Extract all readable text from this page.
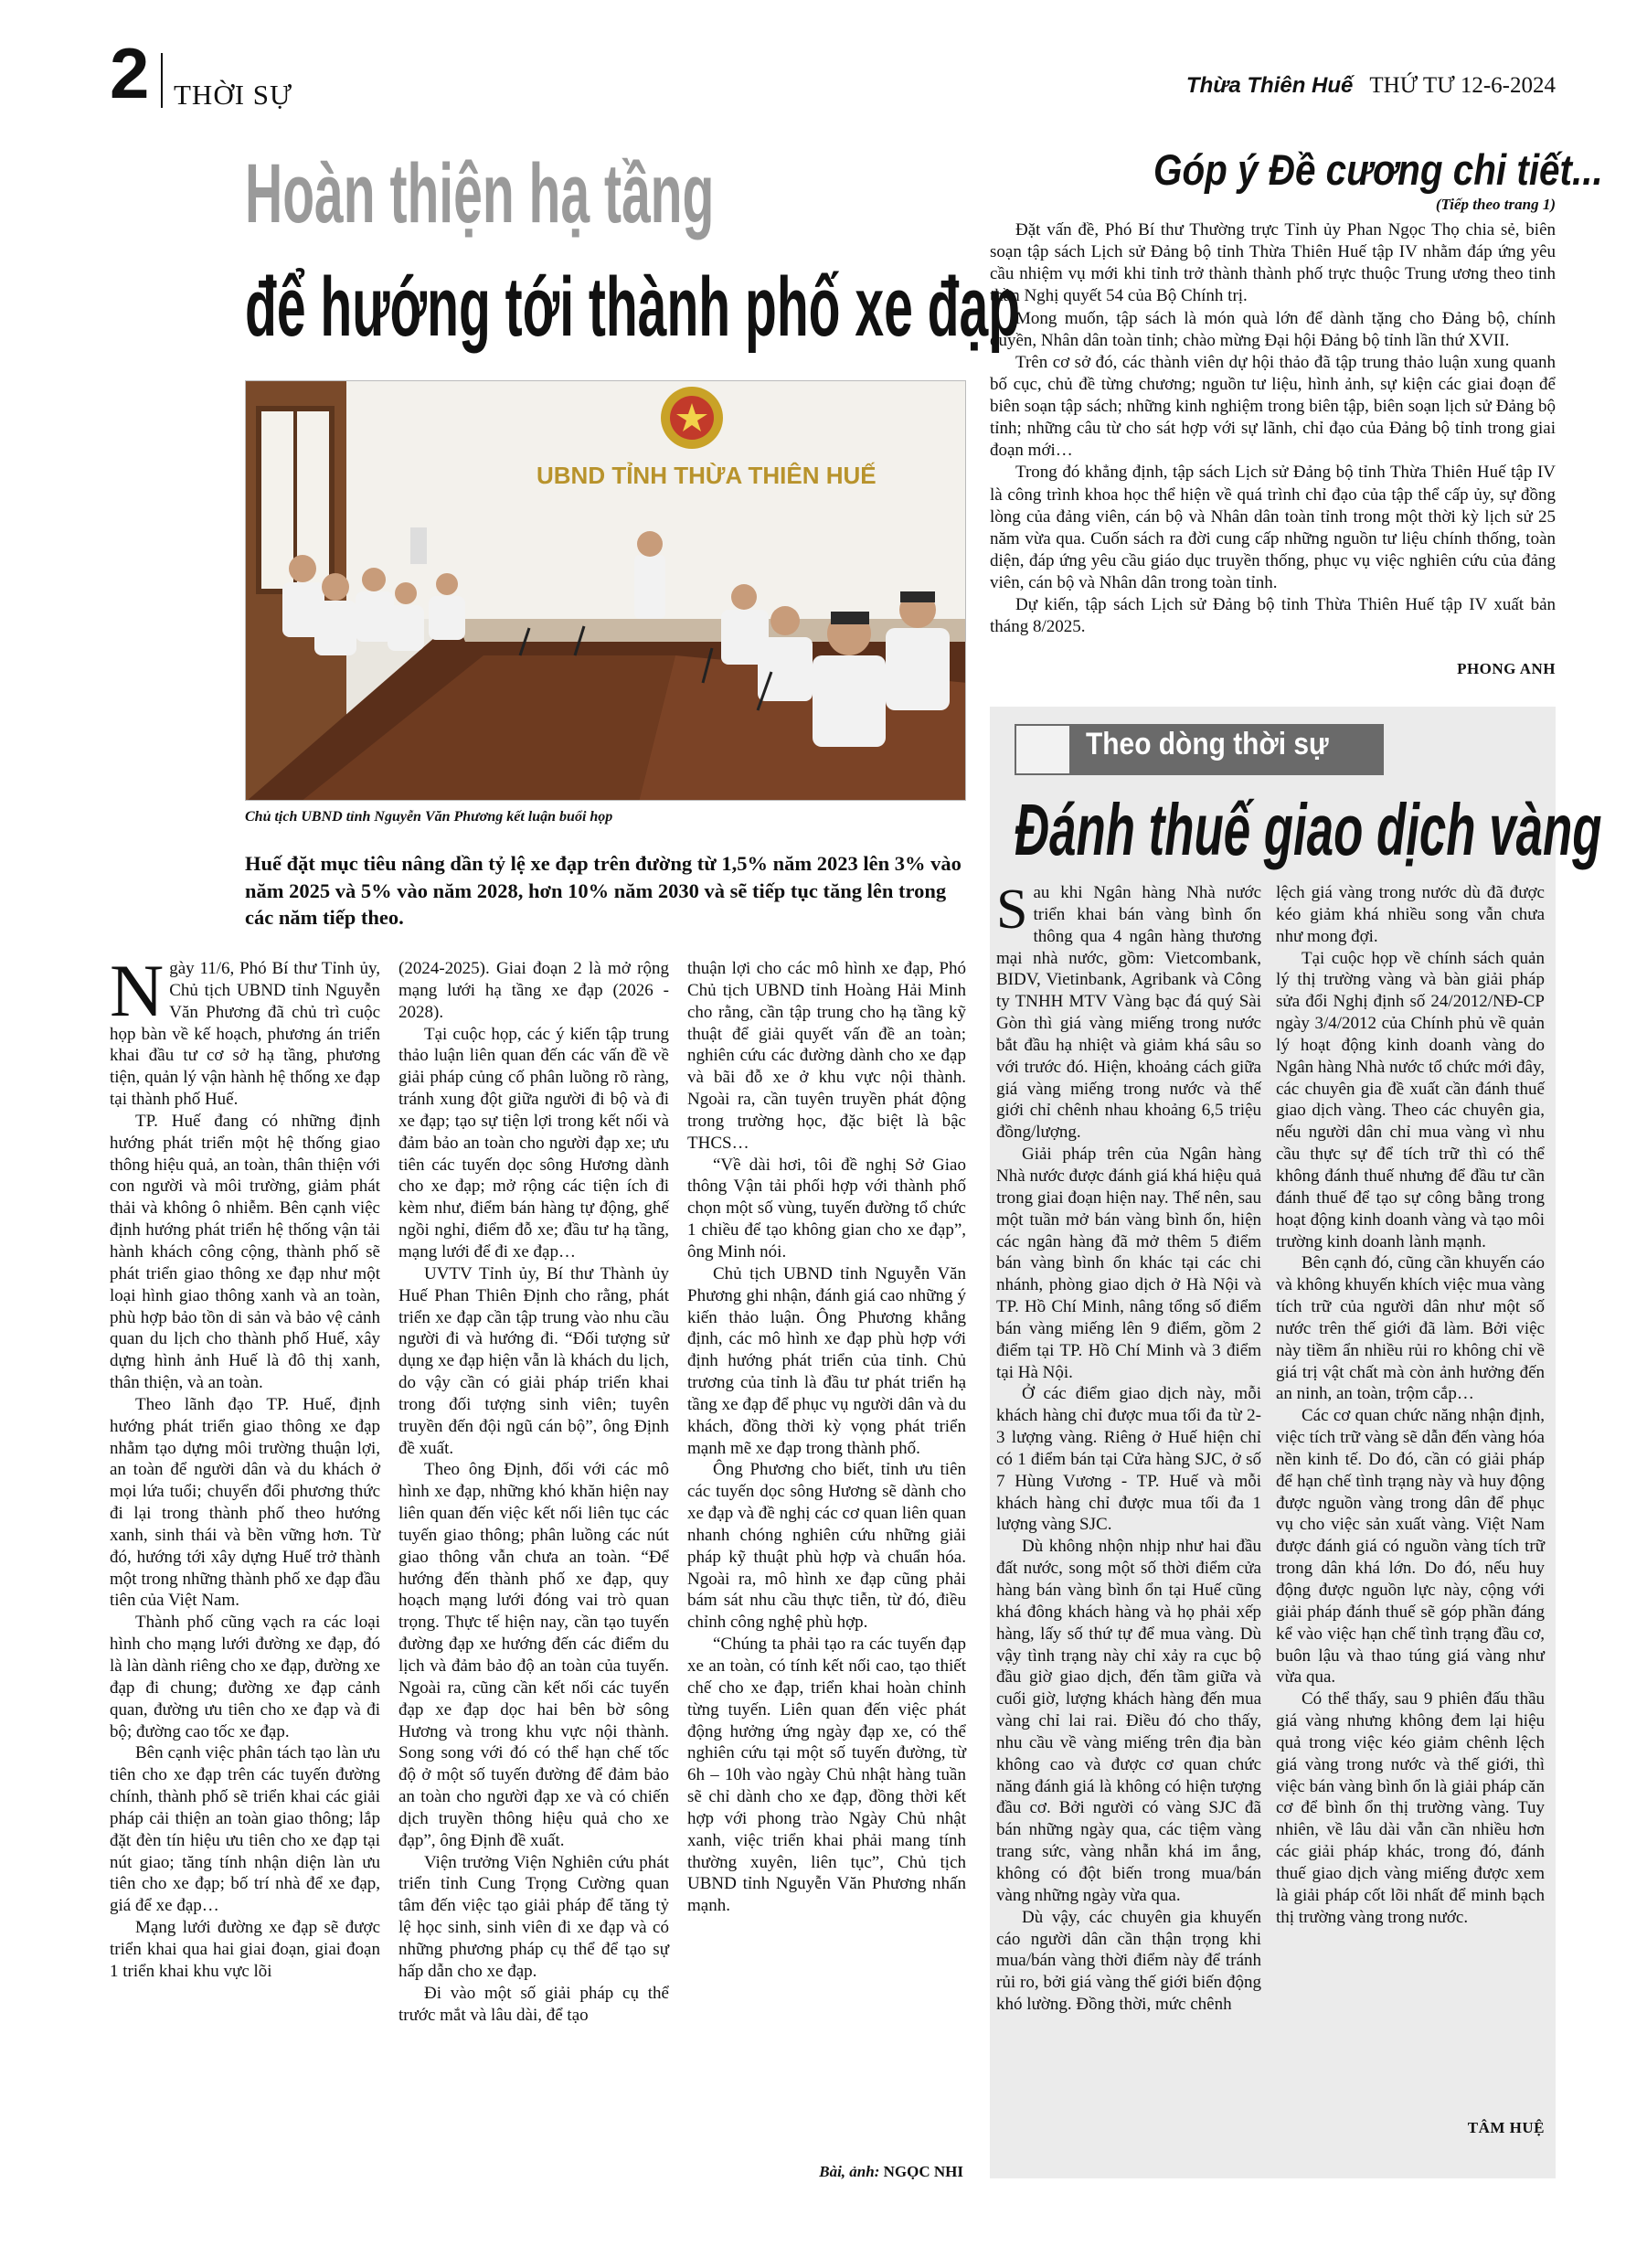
2 THỜI SỰ	Thừa Thiên Huế THỨ TƯ 12-6-2024
Hoàn thiện hạ tầng
để hướng tới thành phố xe đạp
UBND TỈNH THỪA THIÊN HUẾ
Chủ tịch UBND tỉnh Nguyễn Văn Phương kết luận buổi họp
Huế đặt mục tiêu nâng dần tỷ lệ xe đạp trên đường từ 1,5% năm 2023 lên 3% vào năm 2025 và 5% vào năm 2028, hơn 10% năm 2030 và sẽ tiếp tục tăng lên trong các năm tiếp theo.

Ngày 11/6, Phó Bí thư Tỉnh ủy, Chủ tịch UBND tỉnh Nguyễn Văn Phương đã chủ trì cuộc họp bàn về kế hoạch, phương án triển khai đầu tư cơ sở hạ tầng, phương tiện, quản lý vận hành hệ thống xe đạp tại thành phố Huế.

TP. Huế đang có những định hướng phát triển một hệ thống giao thông hiệu quả, an toàn, thân thiện với con người và môi trường, giảm phát thải và không ô nhiễm. Bên cạnh việc định hướng phát triển hệ thống vận tải hành khách công cộng, thành phố sẽ phát triển giao thông xe đạp như một loại hình giao thông xanh và an toàn, phù hợp bảo tồn di sản và bảo vệ cảnh quan du lịch cho thành phố Huế, xây dựng hình ảnh Huế là đô thị xanh, thân thiện, và an toàn.

Theo lãnh đạo TP. Huế, định hướng phát triển giao thông xe đạp nhằm tạo dựng môi trường thuận lợi, an toàn để người dân và du khách ở mọi lứa tuổi; chuyển đổi phương thức đi lại trong thành phố theo hướng xanh, sinh thái và bền vững hơn. Từ đó, hướng tới xây dựng Huế trở thành một trong những thành phố xe đạp đầu tiên của Việt Nam.

Thành phố cũng vạch ra các loại hình cho mạng lưới đường xe đạp, đó là làn dành riêng cho xe đạp, đường xe đạp đi chung; đường xe đạp cảnh quan, đường ưu tiên cho xe đạp và đi bộ; đường cao tốc xe đạp.

Bên cạnh việc phân tách tạo làn ưu tiên cho xe đạp trên các tuyến đường chính, thành phố sẽ triển khai các giải pháp cải thiện an toàn giao thông; lắp đặt đèn tín hiệu ưu tiên cho xe đạp tại nút giao; tăng tính nhận diện làn ưu tiên cho xe đạp; bố trí nhà để xe đạp, giá để xe đạp…

Mạng lưới đường xe đạp sẽ được triển khai qua hai giai đoạn, giai đoạn 1 triển khai khu vực lõi

(2024-2025). Giai đoạn 2 là mở rộng mạng lưới hạ tầng xe đạp (2026 - 2028).

Tại cuộc họp, các ý kiến tập trung thảo luận liên quan đến các vấn đề về giải pháp củng cố phân luồng rõ ràng, tránh xung đột giữa người đi bộ và đi xe đạp; tạo sự tiện lợi trong kết nối và đảm bảo an toàn cho người đạp xe; ưu tiên các tuyến dọc sông Hương dành cho xe đạp; mở rộng các tiện ích đi kèm như, điểm bán hàng tự động, ghế ngồi nghỉ, điểm đỗ xe; đầu tư hạ tầng, mạng lưới để đi xe đạp…

UVTV Tỉnh ủy, Bí thư Thành ủy Huế Phan Thiên Định cho rằng, phát triển xe đạp cần tập trung vào nhu cầu người đi và hướng đi. “Đối tượng sử dụng xe đạp hiện vẫn là khách du lịch, do vậy cần có giải pháp triển khai trong đối tượng sinh viên; tuyên truyền đến đội ngũ cán bộ”, ông Định đề xuất.

Theo ông Định, đối với các mô hình xe đạp, những khó khăn hiện nay liên quan đến việc kết nối liên tục các tuyến giao thông; phân luồng các nút giao thông vẫn chưa an toàn. “Để hướng đến thành phố xe đạp, quy hoạch mạng lưới đóng vai trò quan trọng. Thực tế hiện nay, cần tạo tuyến đường đạp xe hướng đến các điểm du lịch và đảm bảo độ an toàn của tuyến. Ngoài ra, cũng cần kết nối các tuyến đạp xe đạp dọc hai bên bờ sông Hương và trong khu vực nội thành. Song song với đó có thể hạn chế tốc độ ở một số tuyến đường để đảm bảo an toàn cho người đạp xe và có chiến dịch truyền thông hiệu quả cho xe đạp”, ông Định đề xuất.

Viện trưởng Viện Nghiên cứu phát triển tỉnh Cung Trọng Cường quan tâm đến việc tạo giải pháp để tăng tỷ lệ học sinh, sinh viên đi xe đạp và có những phương pháp cụ thể để tạo sự hấp dẫn cho xe đạp.

Đi vào một số giải pháp cụ thể trước mắt và lâu dài, để tạo

thuận lợi cho các mô hình xe đạp, Phó Chủ tịch UBND tỉnh Hoàng Hải Minh cho rằng, cần tập trung cho hạ tầng kỹ thuật để giải quyết vấn đề an toàn; nghiên cứu các đường dành cho xe đạp và bãi đỗ xe ở khu vực nội thành. Ngoài ra, cần tuyên truyền phát động trong trường học, đặc biệt là bậc THCS…

“Về dài hơi, tôi đề nghị Sở Giao thông Vận tải phối hợp với thành phố chọn một số vùng, tuyến đường tổ chức 1 chiều để tạo không gian cho xe đạp”, ông Minh nói.

Chủ tịch UBND tỉnh Nguyễn Văn Phương ghi nhận, đánh giá cao những ý kiến thảo luận. Ông Phương khẳng định, các mô hình xe đạp phù hợp với định hướng phát triển của tỉnh. Chủ trương của tỉnh là đầu tư phát triển hạ tầng xe đạp để phục vụ người dân và du khách, đồng thời kỳ vọng phát triển mạnh mẽ xe đạp trong thành phố.

Ông Phương cho biết, tỉnh ưu tiên các tuyến dọc sông Hương sẽ dành cho xe đạp và đề nghị các cơ quan liên quan nhanh chóng nghiên cứu những giải pháp kỹ thuật phù hợp và chuẩn hóa. Ngoài ra, mô hình xe đạp cũng phải bám sát nhu cầu thực tiễn, từ đó, điều chỉnh công nghệ phù hợp.

“Chúng ta phải tạo ra các tuyến đạp xe an toàn, có tính kết nối cao, tạo thiết chế cho xe đạp, triển khai hoàn chỉnh từng tuyến. Liên quan đến việc phát động hưởng ứng ngày đạp xe, có thể nghiên cứu tại một số tuyến đường, từ 6h – 10h vào ngày Chủ nhật hàng tuần sẽ chỉ dành cho xe đạp, đồng thời kết hợp với phong trào Ngày Chủ nhật xanh, việc triển khai phải mang tính thường xuyên, liên tục”, Chủ tịch UBND tỉnh Nguyễn Văn Phương nhấn mạnh.

Bài, ảnh: NGỌC NHI
Góp ý Đề cương chi tiết...
(Tiếp theo trang 1)

Đặt vấn đề, Phó Bí thư Thường trực Tỉnh ủy Phan Ngọc Thọ chia sẻ, biên soạn tập sách Lịch sử Đảng bộ tỉnh Thừa Thiên Huế tập IV nhằm đáp ứng yêu cầu nhiệm vụ mới khi tỉnh trở thành thành phố trực thuộc Trung ương theo tinh thần Nghị quyết 54 của Bộ Chính trị.

Mong muốn, tập sách là món quà lớn để dành tặng cho Đảng bộ, chính quyền, Nhân dân toàn tỉnh; chào mừng Đại hội Đảng bộ tỉnh lần thứ XVII.

Trên cơ sở đó, các thành viên dự hội thảo đã tập trung thảo luận xung quanh bố cục, chủ đề từng chương; nguồn tư liệu, hình ảnh, sự kiện các giai đoạn để biên soạn tập sách; những kinh nghiệm trong biên tập, biên soạn lịch sử Đảng bộ tỉnh; những câu từ cho sát hợp với sự lãnh, chỉ đạo của Đảng bộ tỉnh trong giai đoạn mới…

Trong đó khẳng định, tập sách Lịch sử Đảng bộ tỉnh Thừa Thiên Huế tập IV là công trình khoa học thể hiện về quá trình chỉ đạo của tập thể cấp ủy, sự đồng lòng của đảng viên, cán bộ và Nhân dân toàn tỉnh trong một thời kỳ lịch sử 25 năm vừa qua. Cuốn sách ra đời cung cấp những nguồn tư liệu chính thống, toàn diện, đáp ứng yêu cầu giáo dục truyền thống, phục vụ việc nghiên cứu của đảng viên, cán bộ và Nhân dân trong toàn tỉnh.

Dự kiến, tập sách Lịch sử Đảng bộ tỉnh Thừa Thiên Huế tập IV xuất bản tháng 8/2025.

PHONG ANH
Theo dòng thời sự
Đánh thuế giao dịch vàng

Sau khi Ngân hàng Nhà nước triển khai bán vàng bình ổn thông qua 4 ngân hàng thương mại nhà nước, gồm: Vietcombank, BIDV, Vietinbank, Agribank và Công ty TNHH MTV Vàng bạc đá quý Sài Gòn thì giá vàng miếng trong nước bắt đầu hạ nhiệt và giảm khá sâu so với trước đó. Hiện, khoảng cách giữa giá vàng miếng trong nước và thế giới chỉ chênh nhau khoảng 6,5 triệu đồng/lượng.

Giải pháp trên của Ngân hàng Nhà nước được đánh giá khá hiệu quả trong giai đoạn hiện nay. Thế nên, sau một tuần mở bán vàng bình ổn, hiện các ngân hàng đã mở thêm 5 điểm bán vàng bình ổn khác tại các chi nhánh, phòng giao dịch ở Hà Nội và TP. Hồ Chí Minh, nâng tổng số điểm bán vàng miếng lên 9 điểm, gồm 2 điểm tại TP. Hồ Chí Minh và 3 điểm tại Hà Nội.

Ở các điểm giao dịch này, mỗi khách hàng chỉ được mua tối đa từ 2-3 lượng vàng. Riêng ở Huế hiện chỉ có 1 điểm bán tại Cửa hàng SJC, ở số 7 Hùng Vương - TP. Huế và mỗi khách hàng chỉ được mua tối đa 1 lượng vàng SJC.

Dù không nhộn nhịp như hai đầu đất nước, song một số thời điểm cửa hàng bán vàng bình ổn tại Huế cũng khá đông khách hàng và họ phải xếp hàng, lấy số thứ tự để mua vàng. Dù vậy tình trạng này chỉ xảy ra cục bộ đầu giờ giao dịch, đến tầm giữa và cuối giờ, lượng khách hàng đến mua vàng chỉ lai rai. Điều đó cho thấy, nhu cầu về vàng miếng trên địa bàn không cao và được cơ quan chức năng đánh giá là không có hiện tượng đầu cơ. Bởi người có vàng SJC đã bán những ngày qua, các tiệm vàng trang sức, vàng nhẫn khá im ắng, không có đột biến trong mua/bán vàng những ngày vừa qua.

Dù vậy, các chuyên gia khuyến cáo người dân cần thận trọng khi mua/bán vàng thời điểm này để tránh rủi ro, bởi giá vàng thế giới biến động khó lường. Đồng thời, mức chênh

lệch giá vàng trong nước dù đã được kéo giảm khá nhiều song vẫn chưa như mong đợi.

Tại cuộc họp về chính sách quản lý thị trường vàng và bàn giải pháp sửa đổi Nghị định số 24/2012/NĐ-CP ngày 3/4/2012 của Chính phủ về quản lý hoạt động kinh doanh vàng do Ngân hàng Nhà nước tổ chức mới đây, các chuyên gia đề xuất cần đánh thuế giao dịch vàng. Theo các chuyên gia, nếu người dân chỉ mua vàng vì nhu cầu thực sự để tích trữ thì có thể không đánh thuế nhưng để đầu tư cần đánh thuế để tạo sự công bằng trong hoạt động kinh doanh vàng và tạo môi trường kinh doanh lành mạnh.

Bên cạnh đó, cũng cần khuyến cáo và không khuyến khích việc mua vàng tích trữ của người dân như một số nước trên thế giới đã làm. Bởi việc này tiềm ẩn nhiều rủi ro không chỉ về giá trị vật chất mà còn ảnh hưởng đến an ninh, an toàn, trộm cắp…

Các cơ quan chức năng nhận định, việc tích trữ vàng sẽ dẫn đến vàng hóa nền kinh tế. Do đó, cần có giải pháp để hạn chế tình trạng này và huy động được nguồn vàng trong dân để phục vụ cho việc sản xuất vàng. Việt Nam được đánh giá có nguồn vàng tích trữ trong dân khá lớn. Do đó, nếu huy động được nguồn lực này, cộng với giải pháp đánh thuế sẽ góp phần đáng kể vào việc hạn chế tình trạng đầu cơ, buôn lậu và thao túng giá vàng như vừa qua.

Có thể thấy, sau 9 phiên đấu thầu giá vàng nhưng không đem lại hiệu quả trong việc kéo giảm chênh lệch giá vàng trong nước và thế giới, thì việc bán vàng bình ổn là giải pháp căn cơ để bình ổn thị trường vàng. Tuy nhiên, về lâu dài vẫn cần nhiều hơn các giải pháp khác, trong đó, đánh thuế giao dịch vàng miếng được xem là giải pháp cốt lõi nhất để minh bạch thị trường vàng trong nước.

TÂM HUỆ
